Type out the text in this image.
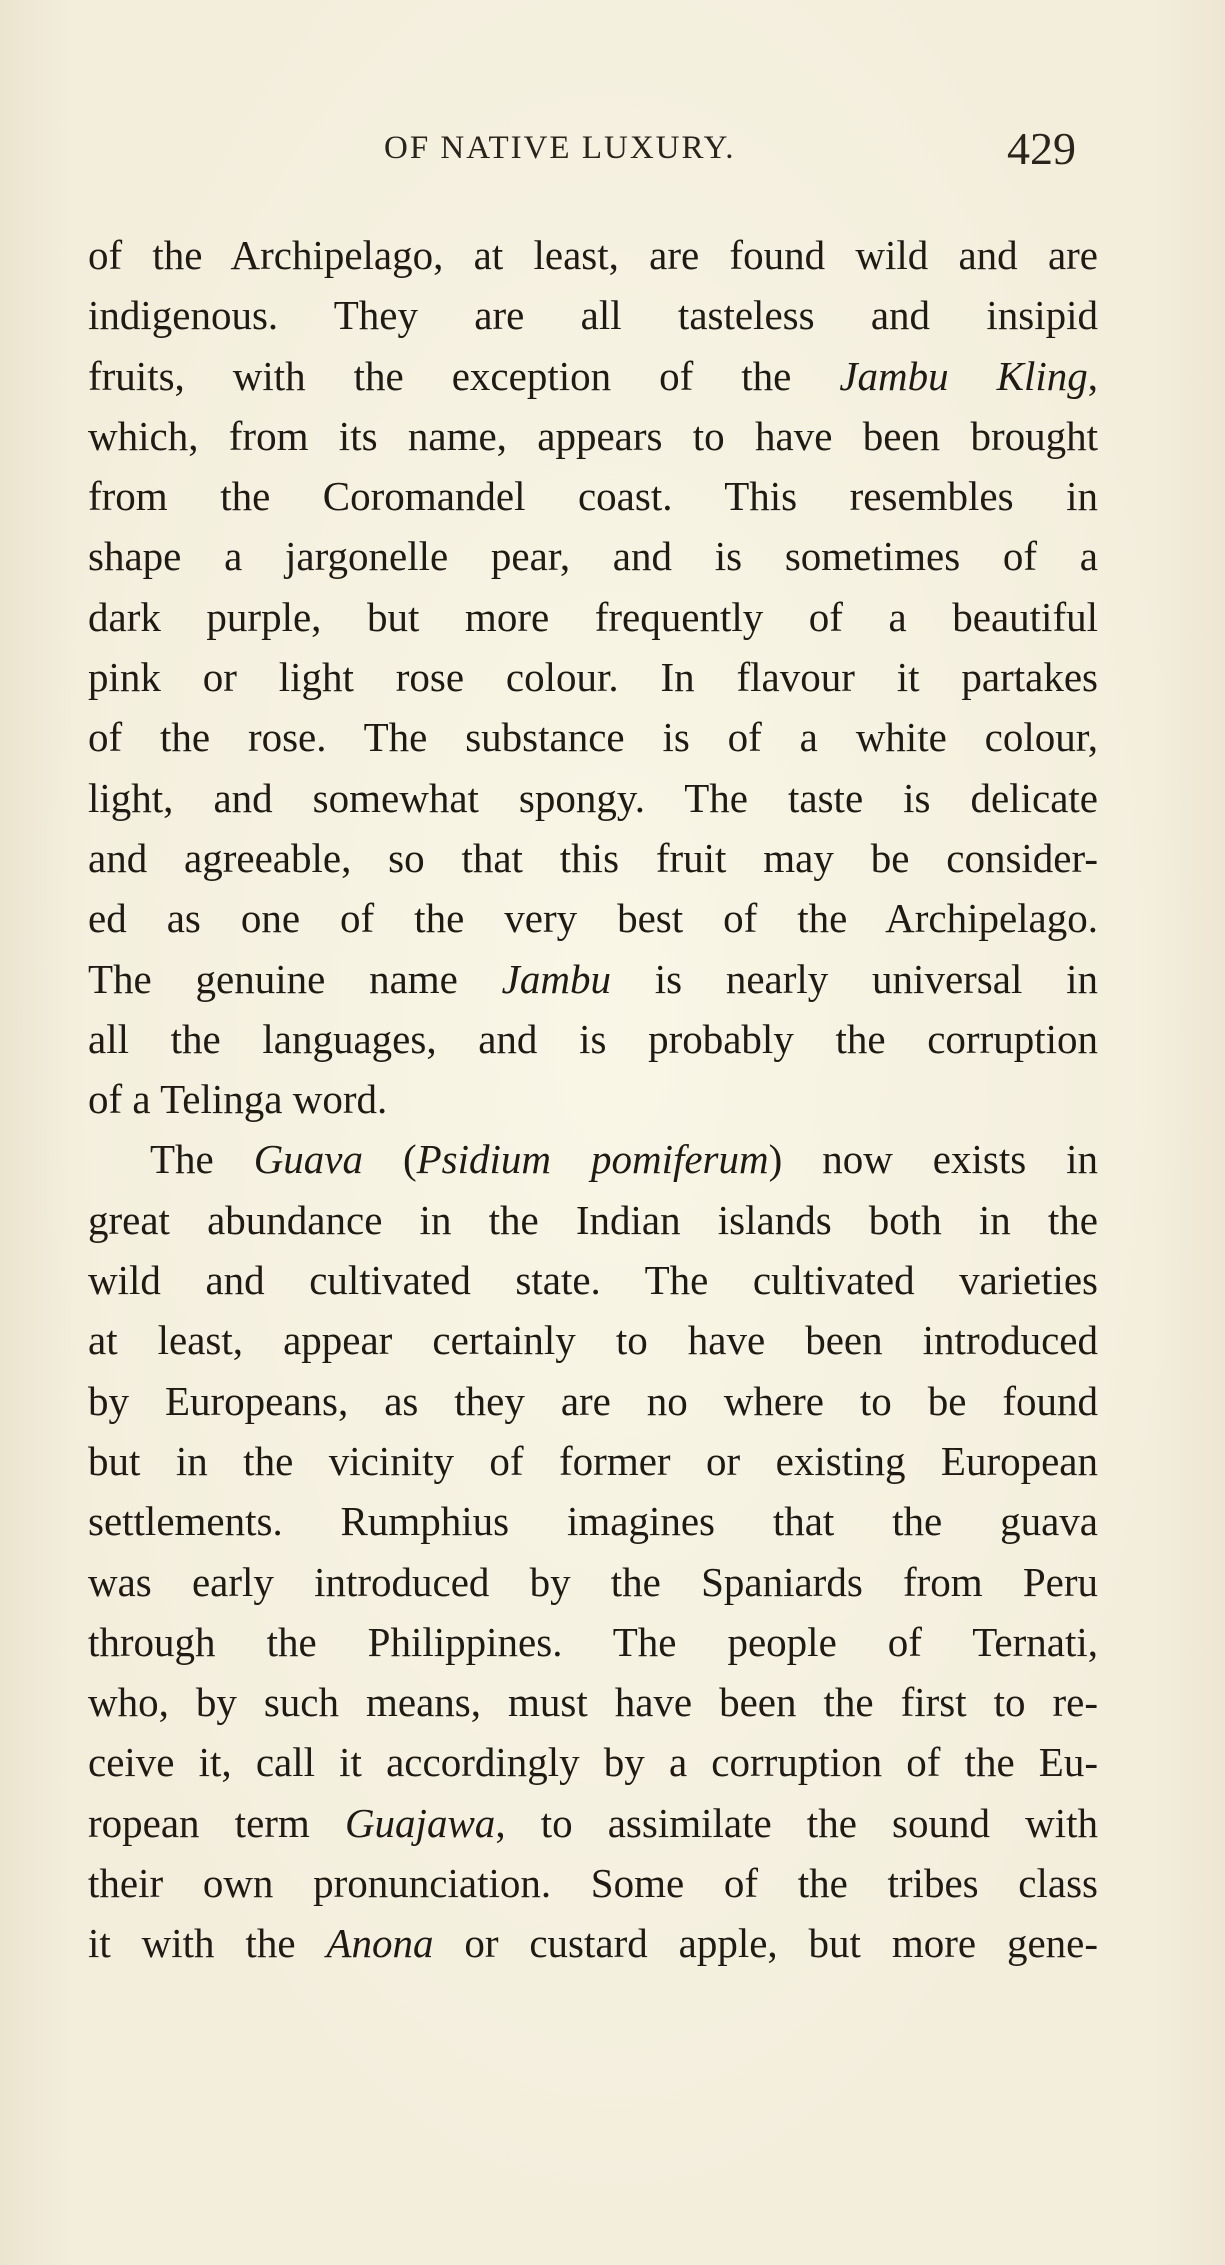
OF NATIVE LUXURY.	429
of the Archipelago, at least, are found wild and are
indigenous. They are all tasteless and insipid
fruits, with the exception of the Jambu Kling,
which, from its name, appears to have been brought
from the Coromandel coast. This resembles in
shape a jargonelle pear, and is sometimes of a
dark purple, but more frequently of a beautiful
pink or light rose colour. In flavour it partakes
of the rose. The substance is of a white colour,
light, and somewhat spongy. The taste is delicate
and agreeable, so that this fruit may be consider-
ed as one of the very best of the Archipelago.
The genuine name Jambu is nearly universal in
all the languages, and is probably the corruption
of a Telinga word.
The Guava (Psidium pomiferum) now exists in
great abundance in the Indian islands both in the
wild and cultivated state. The cultivated varieties
at least, appear certainly to have been introduced
by Europeans, as they are no where to be found
but in the vicinity of former or existing European
settlements. Rumphius imagines that the guava
was early introduced by the Spaniards from Peru
through the Philippines. The people of Ternati,
who, by such means, must have been the first to re-
ceive it, call it accordingly by a corruption of the Eu-
ropean term Guajawa, to assimilate the sound with
their own pronunciation. Some of the tribes class
it with the Anona or custard apple, but more gene-
